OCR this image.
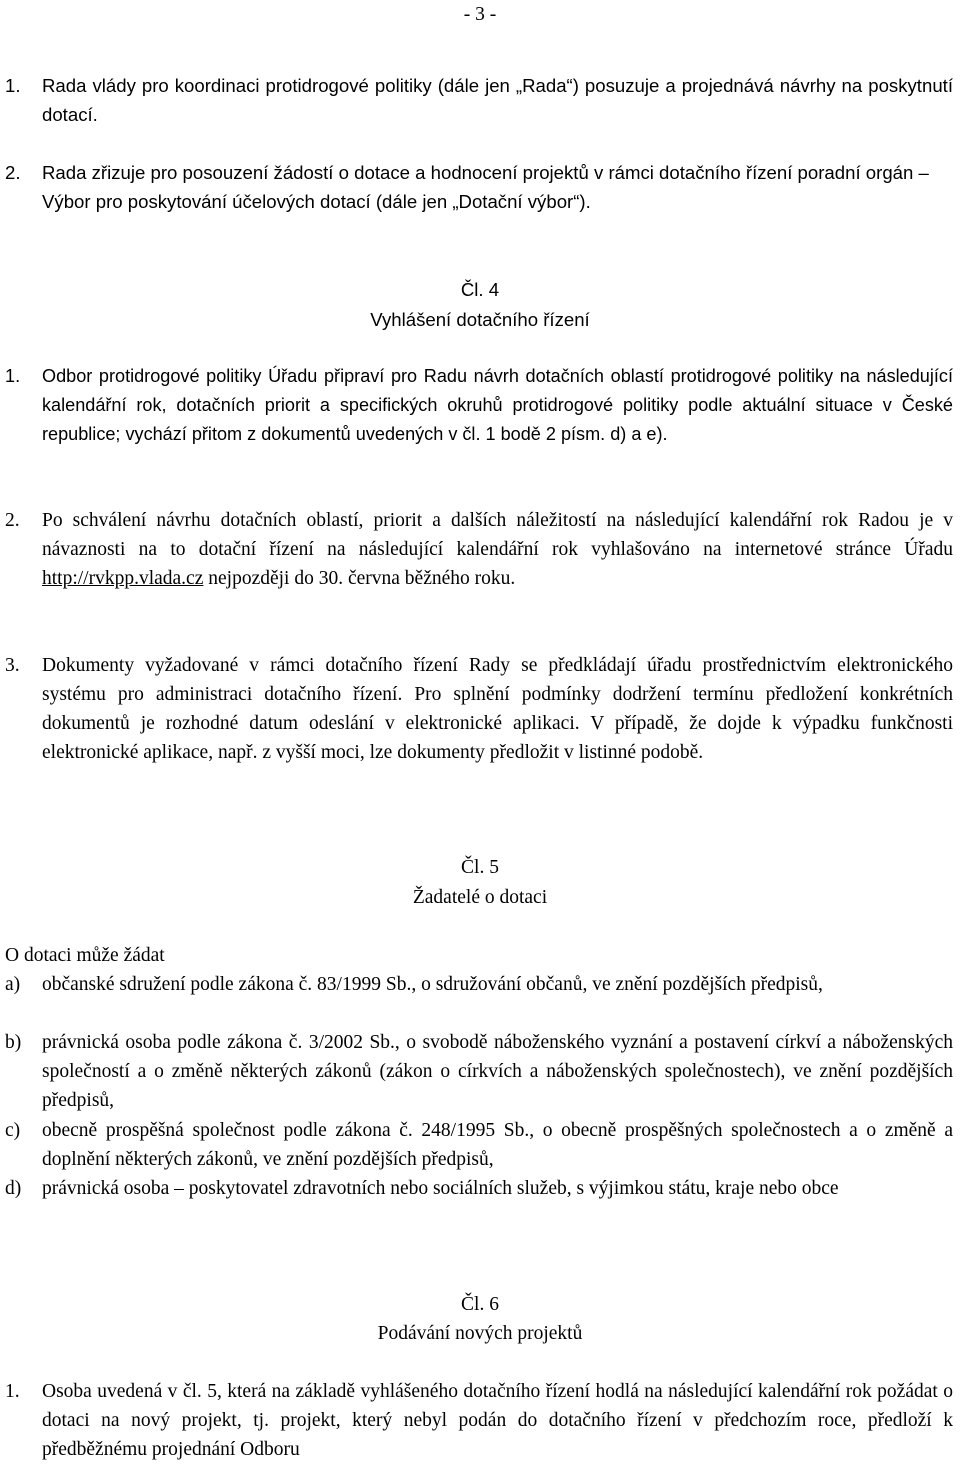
- 3 -

1. Rada vlády pro koordinaci protidrogové politiky (dále jen „Rada“) posuzuje a projednává návrhy na poskytnutí dotací.

2. Rada zřizuje pro posouzení žádostí o dotace a hodnocení projektů v rámci dotačního řízení poradní orgán – Výbor pro poskytování účelových dotací (dále jen „Dotační výbor“).

Čl. 4

Vyhlášení dotačního řízení

1. Odbor protidrogové politiky Úřadu připraví pro Radu návrh dotačních oblastí protidrogové politiky na následující kalendářní rok, dotačních priorit a specifických okruhů protidrogové politiky podle aktuální situace v České republice; vychází přitom z dokumentů uvedených v čl. 1 bodě 2 písm. d) a e).

2. Po schválení návrhu dotačních oblastí, priorit a dalších náležitostí na následující kalendářní rok Radou je v návaznosti na to dotační řízení na následující kalendářní rok vyhlašováno na internetové stránce Úřadu http://rvkpp.vlada.cz nejpozději do 30. června běžného roku.

3. Dokumenty vyžadované v rámci dotačního řízení Rady se předkládají úřadu prostřednictvím elektronického systému pro administraci dotačního řízení. Pro splnění podmínky dodržení termínu předložení konkrétních dokumentů je rozhodné datum odeslání v elektronické aplikaci. V případě, že dojde k výpadku funkčnosti elektronické aplikace, např. z vyšší moci, lze dokumenty předložit v listinné podobě.

Čl. 5

Žadatelé o dotaci

O dotaci může žádat

a) občanské sdružení podle zákona č. 83/1999 Sb., o sdružování občanů, ve znění pozdějších předpisů,

b) právnická osoba podle zákona č. 3/2002 Sb., o svobodě náboženského vyznání a postavení církví a náboženských společností a o změně některých zákonů (zákon o církvích a náboženských společnostech), ve znění pozdějších předpisů,

c) obecně prospěšná společnost podle zákona č. 248/1995 Sb., o obecně prospěšných společnostech a o změně a doplnění některých zákonů, ve znění pozdějších předpisů,

d) právnická osoba – poskytovatel zdravotních nebo sociálních služeb, s výjimkou státu, kraje nebo obce

Čl. 6

Podávání nových projektů

1. Osoba uvedená v čl. 5, která na základě vyhlášeného dotačního řízení hodlá na následující kalendářní rok požádat o dotaci na nový projekt, tj. projekt, který nebyl podán do dotačního řízení v předchozím roce, předloží k předběžnému projednání Odboru
